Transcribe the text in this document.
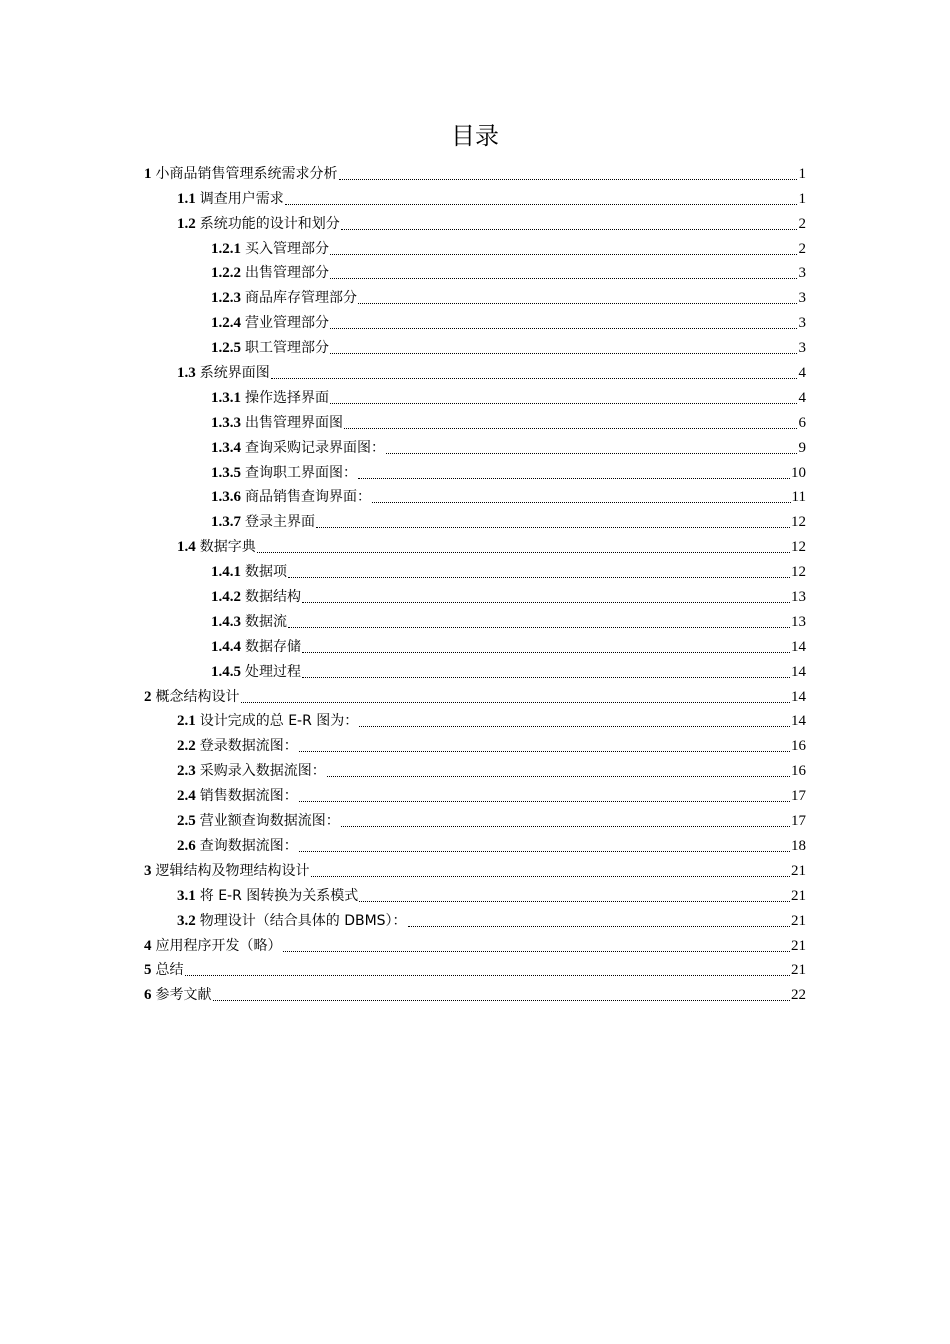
目录
1 小商品销售管理系统需求分析	1
1.1 调查用户需求	1
1.2 系统功能的设计和划分	2
1.2.1 买入管理部分	2
1.2.2 出售管理部分	3
1.2.3 商品库存管理部分	3
1.2.4 营业管理部分	3
1.2.5 职工管理部分	3
1.3 系统界面图	4
1.3.1 操作选择界面	4
1.3.3 出售管理界面图	6
1.3.4 查询采购记录界面图：	9
1.3.5 查询职工界面图：	10
1.3.6 商品销售查询界面：	11
1.3.7 登录主界面	12
1.4 数据字典	12
1.4.1 数据项	12
1.4.2 数据结构	13
1.4.3 数据流	13
1.4.4 数据存储	14
1.4.5 处理过程	14
2 概念结构设计	14
2.1 设计完成的总 E-R 图为：	14
2.2 登录数据流图：	16
2.3 采购录入数据流图：	16
2.4 销售数据流图：	17
2.5 营业额查询数据流图：	17
2.6 查询数据流图：	18
3 逻辑结构及物理结构设计	21
3.1 将 E-R 图转换为关系模式	21
3.2 物理设计（结合具体的 DBMS）：	21
4 应用程序开发（略）	21
5 总结	21
6 参考文献	22
